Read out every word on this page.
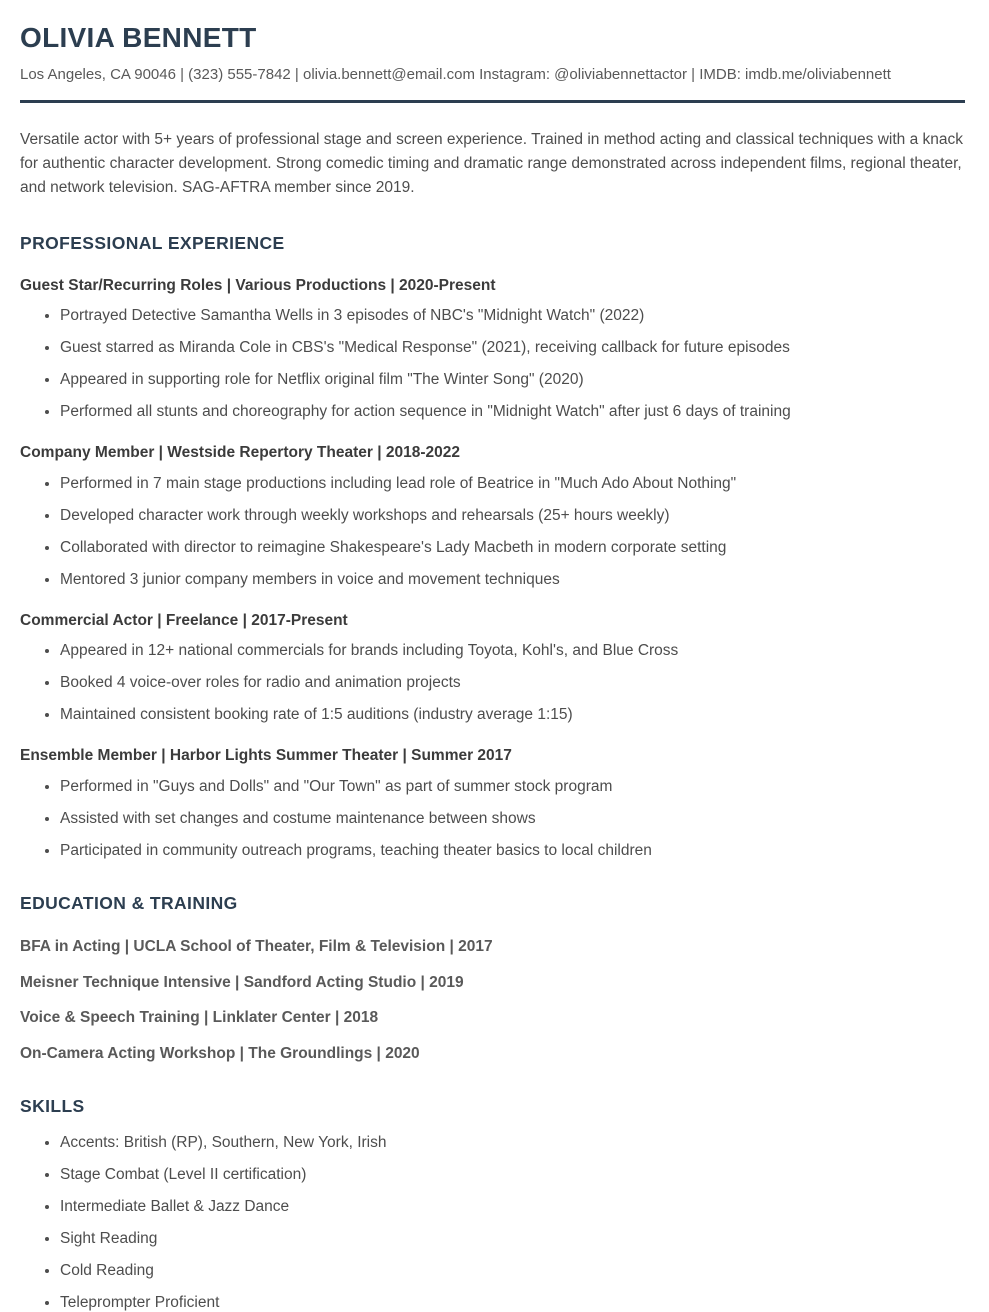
OLIVIA BENNETT
Los Angeles, CA 90046 | (323) 555-7842 | olivia.bennett@email.com Instagram: @oliviabennettactor | IMDB: imdb.me/oliviabennett
Versatile actor with 5+ years of professional stage and screen experience. Trained in method acting and classical techniques with a knack for authentic character development. Strong comedic timing and dramatic range demonstrated across independent films, regional theater, and network television. SAG-AFTRA member since 2019.
PROFESSIONAL EXPERIENCE
Guest Star/Recurring Roles | Various Productions | 2020-Present
• Portrayed Detective Samantha Wells in 3 episodes of NBC's "Midnight Watch" (2022)
• Guest starred as Miranda Cole in CBS's "Medical Response" (2021), receiving callback for future episodes
• Appeared in supporting role for Netflix original film "The Winter Song" (2020)
• Performed all stunts and choreography for action sequence in "Midnight Watch" after just 6 days of training
Company Member | Westside Repertory Theater | 2018-2022
• Performed in 7 main stage productions including lead role of Beatrice in "Much Ado About Nothing"
• Developed character work through weekly workshops and rehearsals (25+ hours weekly)
• Collaborated with director to reimagine Shakespeare's Lady Macbeth in modern corporate setting
• Mentored 3 junior company members in voice and movement techniques
Commercial Actor | Freelance | 2017-Present
• Appeared in 12+ national commercials for brands including Toyota, Kohl's, and Blue Cross
• Booked 4 voice-over roles for radio and animation projects
• Maintained consistent booking rate of 1:5 auditions (industry average 1:15)
Ensemble Member | Harbor Lights Summer Theater | Summer 2017
• Performed in "Guys and Dolls" and "Our Town" as part of summer stock program
• Assisted with set changes and costume maintenance between shows
• Participated in community outreach programs, teaching theater basics to local children
EDUCATION & TRAINING

BFA in Acting | UCLA School of Theater, Film & Television | 2017

Meisner Technique Intensive | Sandford Acting Studio | 2019

Voice & Speech Training | Linklater Center | 2018

On-Camera Acting Workshop | The Groundlings | 2020

SKILLS
• Accents: British (RP), Southern, New York, Irish
• Stage Combat (Level II certification)
• Intermediate Ballet & Jazz Dance
• Sight Reading
• Cold Reading
• Teleprompter Proficient
